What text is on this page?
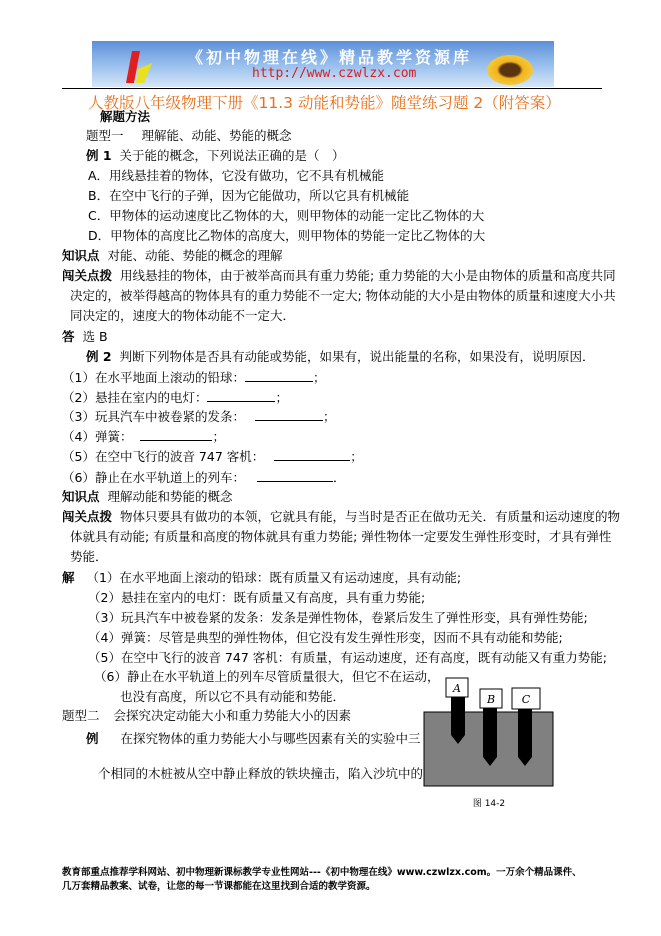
《初中物理在线》精品教学资源库
http://www.czwlzx.com
人教版八年级物理下册《11.3 动能和势能》随堂练习题 2（附答案）
解题方法
题型一 理解能、动能、势能的概念
例 1 关于能的概念，下列说法正确的是（　）
A．用线悬挂着的物体，它没有做功，它不具有机械能
B．在空中飞行的子弹，因为它能做功，所以它具有机械能
C．甲物体的运动速度比乙物体的大，则甲物体的动能一定比乙物体的大
D．甲物体的高度比乙物体的高度大，则甲物体的势能一定比乙物体的大
知识点 对能、动能、势能的概念的理解
闯关点拨 用线悬挂的物体，由于被举高而具有重力势能; 重力势能的大小是由物体的质量和高度共同
决定的，被举得越高的物体具有的重力势能不一定大; 物体动能的大小是由物体的质量和速度大小共
同决定的，速度大的物体动能不一定大．
答 选 B
例 2 判断下列物体是否具有动能或势能，如果有，说出能量的名称，如果没有，说明原因．
（1）在水平地面上滚动的铅球：	；
（2）悬挂在室内的电灯：	；
（3）玩具汽车中被卷紧的发条：	；
（4）弹簧：	；
（5）在空中飞行的波音 747 客机：	；
（6）静止在水平轨道上的列车：	．
知识点 理解动能和势能的概念
闯关点拨 物体只要具有做功的本领，它就具有能，与当时是否正在做功无关．有质量和运动速度的物
体就具有动能; 有质量和高度的物体就具有重力势能; 弹性物体一定要发生弹性形变时，才具有弹性
势能．
解 （1）在水平地面上滚动的铅球：既有质量又有运动速度，具有动能;
（2）悬挂在室内的电灯：既有质量又有高度，具有重力势能;
（3）玩具汽车中被卷紧的发条：发条是弹性物体，卷紧后发生了弹性形变，具有弹性势能;
（4）弹簧：尽管是典型的弹性物体，但它没有发生弹性形变，因而不具有动能和势能;
（5）在空中飞行的波音 747 客机：有质量，有运动速度，还有高度，既有动能又有重力势能;
（6）静止在水平轨道上的列车尽管质量很大，但它不在运动，
也没有高度，所以它不具有动能和势能．
题型二 会探究决定动能大小和重力势能大小的因素
例 在探究物体的重力势能大小与哪些因素有关的实验中三
个相同的木桩被从空中静止释放的铁块撞击，陷入沙坑中的
A
B C
图 14-2
教育部重点推荐学科网站、初中物理新课标教学专业性网站---《初中物理在线》www.czwlzx.com。一万余个精品课件、
几万套精品教案、试卷，让您的每一节课都能在这里找到合适的教学资源。
